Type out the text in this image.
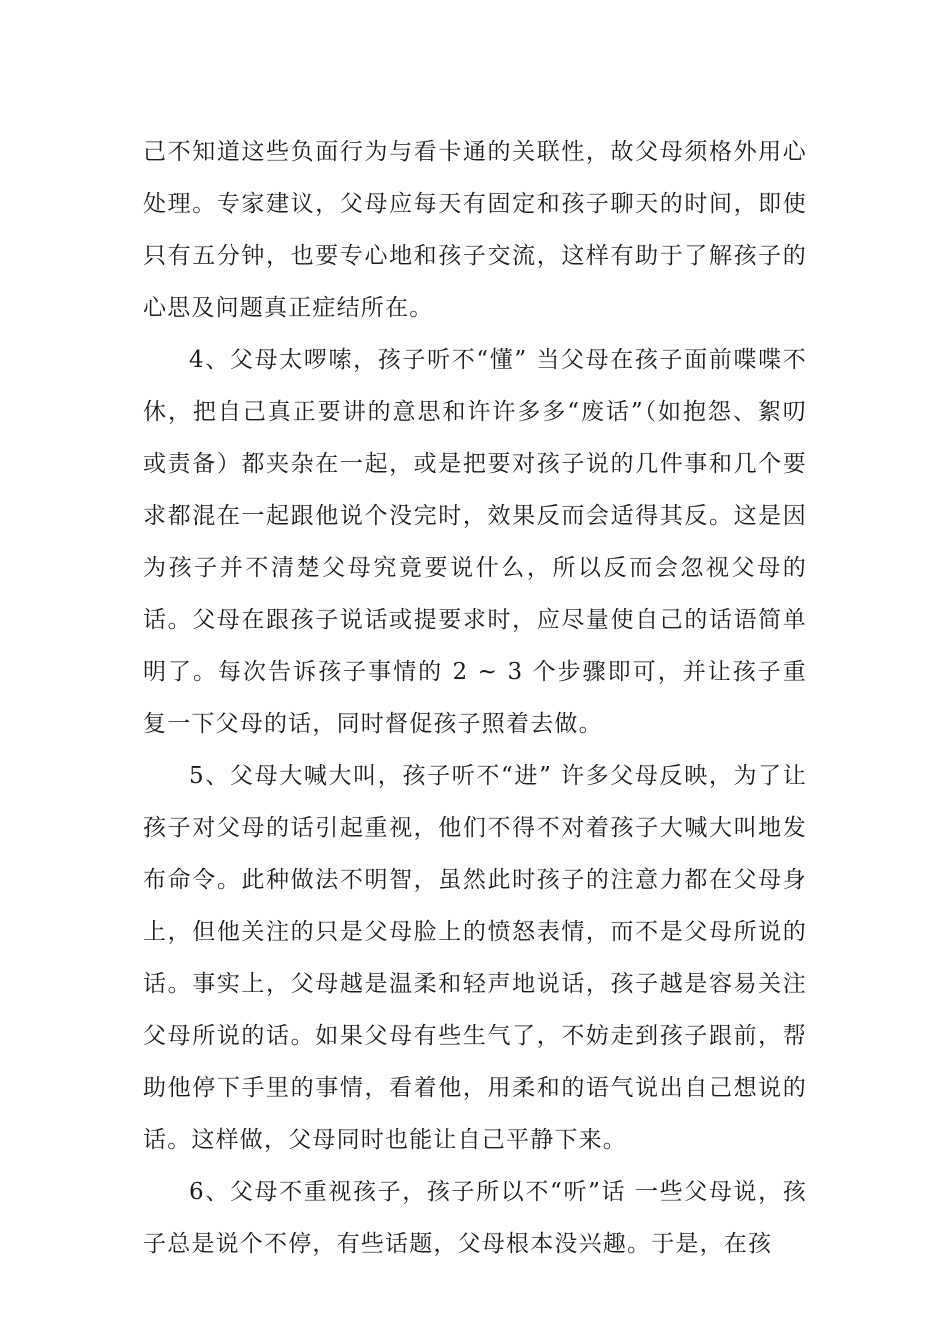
己不知道这些负面行为与看卡通的关联性，故父母须格外用心处理。专家建议，父母应每天有固定和孩子聊天的时间，即使只有五分钟，也要专心地和孩子交流，这样有助于了解孩子的心思及问题真正症结所在。

4、父母太啰嗦，孩子听不“懂” 当父母在孩子面前喋喋不休，把自己真正要讲的意思和许许多多“废话”（如抱怨、絮叨或责备）都夹杂在一起，或是把要对孩子说的几件事和几个要求都混在一起跟他说个没完时，效果反而会适得其反。这是因为孩子并不清楚父母究竟要说什么，所以反而会忽视父母的话。父母在跟孩子说话或提要求时，应尽量使自己的话语简单明了。每次告诉孩子事情的 2 ~ 3 个步骤即可，并让孩子重复一下父母的话，同时督促孩子照着去做。

5、父母大喊大叫，孩子听不“进” 许多父母反映，为了让孩子对父母的话引起重视，他们不得不对着孩子大喊大叫地发布命令。此种做法不明智，虽然此时孩子的注意力都在父母身上，但他关注的只是父母脸上的愤怒表情，而不是父母所说的话。事实上，父母越是温柔和轻声地说话，孩子越是容易关注父母所说的话。如果父母有些生气了，不妨走到孩子跟前，帮助他停下手里的事情，看着他，用柔和的语气说出自己想说的话。这样做，父母同时也能让自己平静下来。

6、父母不重视孩子，孩子所以不“听”话 一些父母说，孩子总是说个不停，有些话题，父母根本没兴趣。于是，在孩
